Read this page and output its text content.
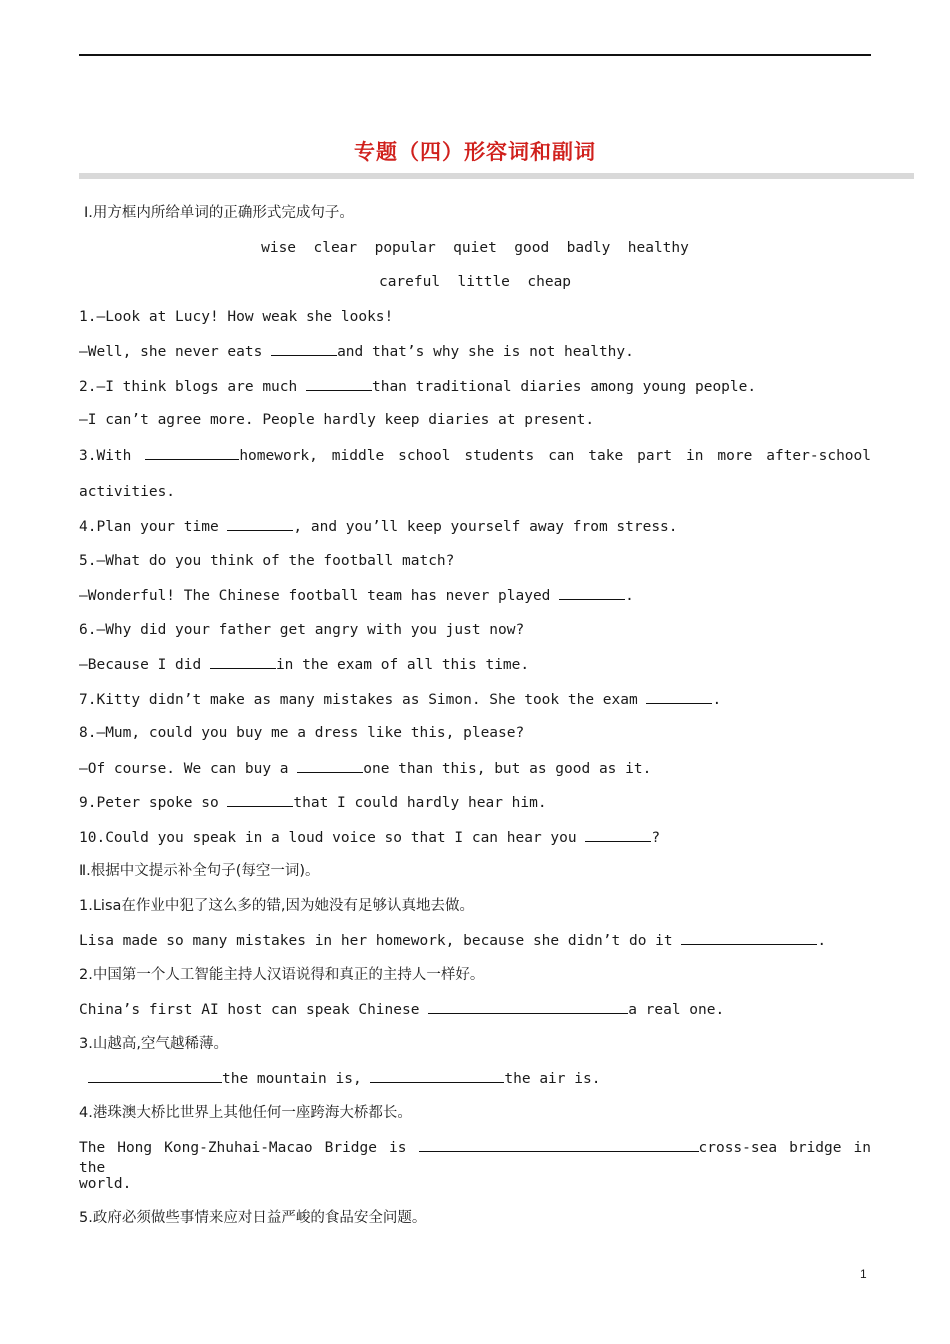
专题（四）形容词和副词
Ⅰ.用方框内所给单词的正确形式完成句子。
wise  clear  popular  quiet  good  badly  healthy
careful  little  cheap
1.—Look at Lucy! How weak she looks!
—Well, she never eats	and that’s why she is not healthy.
2.—I think blogs are much	than traditional diaries among young people.
—I can’t agree more. People hardly keep diaries at present.
3.With	homework, middle school students can take part in more after-school
activities.
4.Plan your time	, and you’ll keep yourself away from stress.
5.—What do you think of the football match?
—Wonderful! The Chinese football team has never played	.
6.—Why did your father get angry with you just now?
—Because I did	in the exam of all this time.
7.Kitty didn’t make as many mistakes as Simon. She took the exam	.
8.—Mum, could you buy me a dress like this, please?
—Of course. We can buy a	one than this, but as good as it.
9.Peter spoke so	that I could hardly hear him.
10.Could you speak in a loud voice so that I can hear you	?
Ⅱ.根据中文提示补全句子(每空一词)。
1.Lisa在作业中犯了这么多的错,因为她没有足够认真地去做。
Lisa made so many mistakes in her homework, because she didn’t do it	.
2.中国第一个人工智能主持人汉语说得和真正的主持人一样好。
China’s first AI host can speak Chinese	a real one.
3.山越高,空气越稀薄。
the mountain is,	the air is.
4.港珠澳大桥比世界上其他任何一座跨海大桥都长。
The Hong Kong-Zhuhai-Macao Bridge is	cross-sea bridge in the
world.
5.政府必须做些事情来应对日益严峻的食品安全问题。
1
